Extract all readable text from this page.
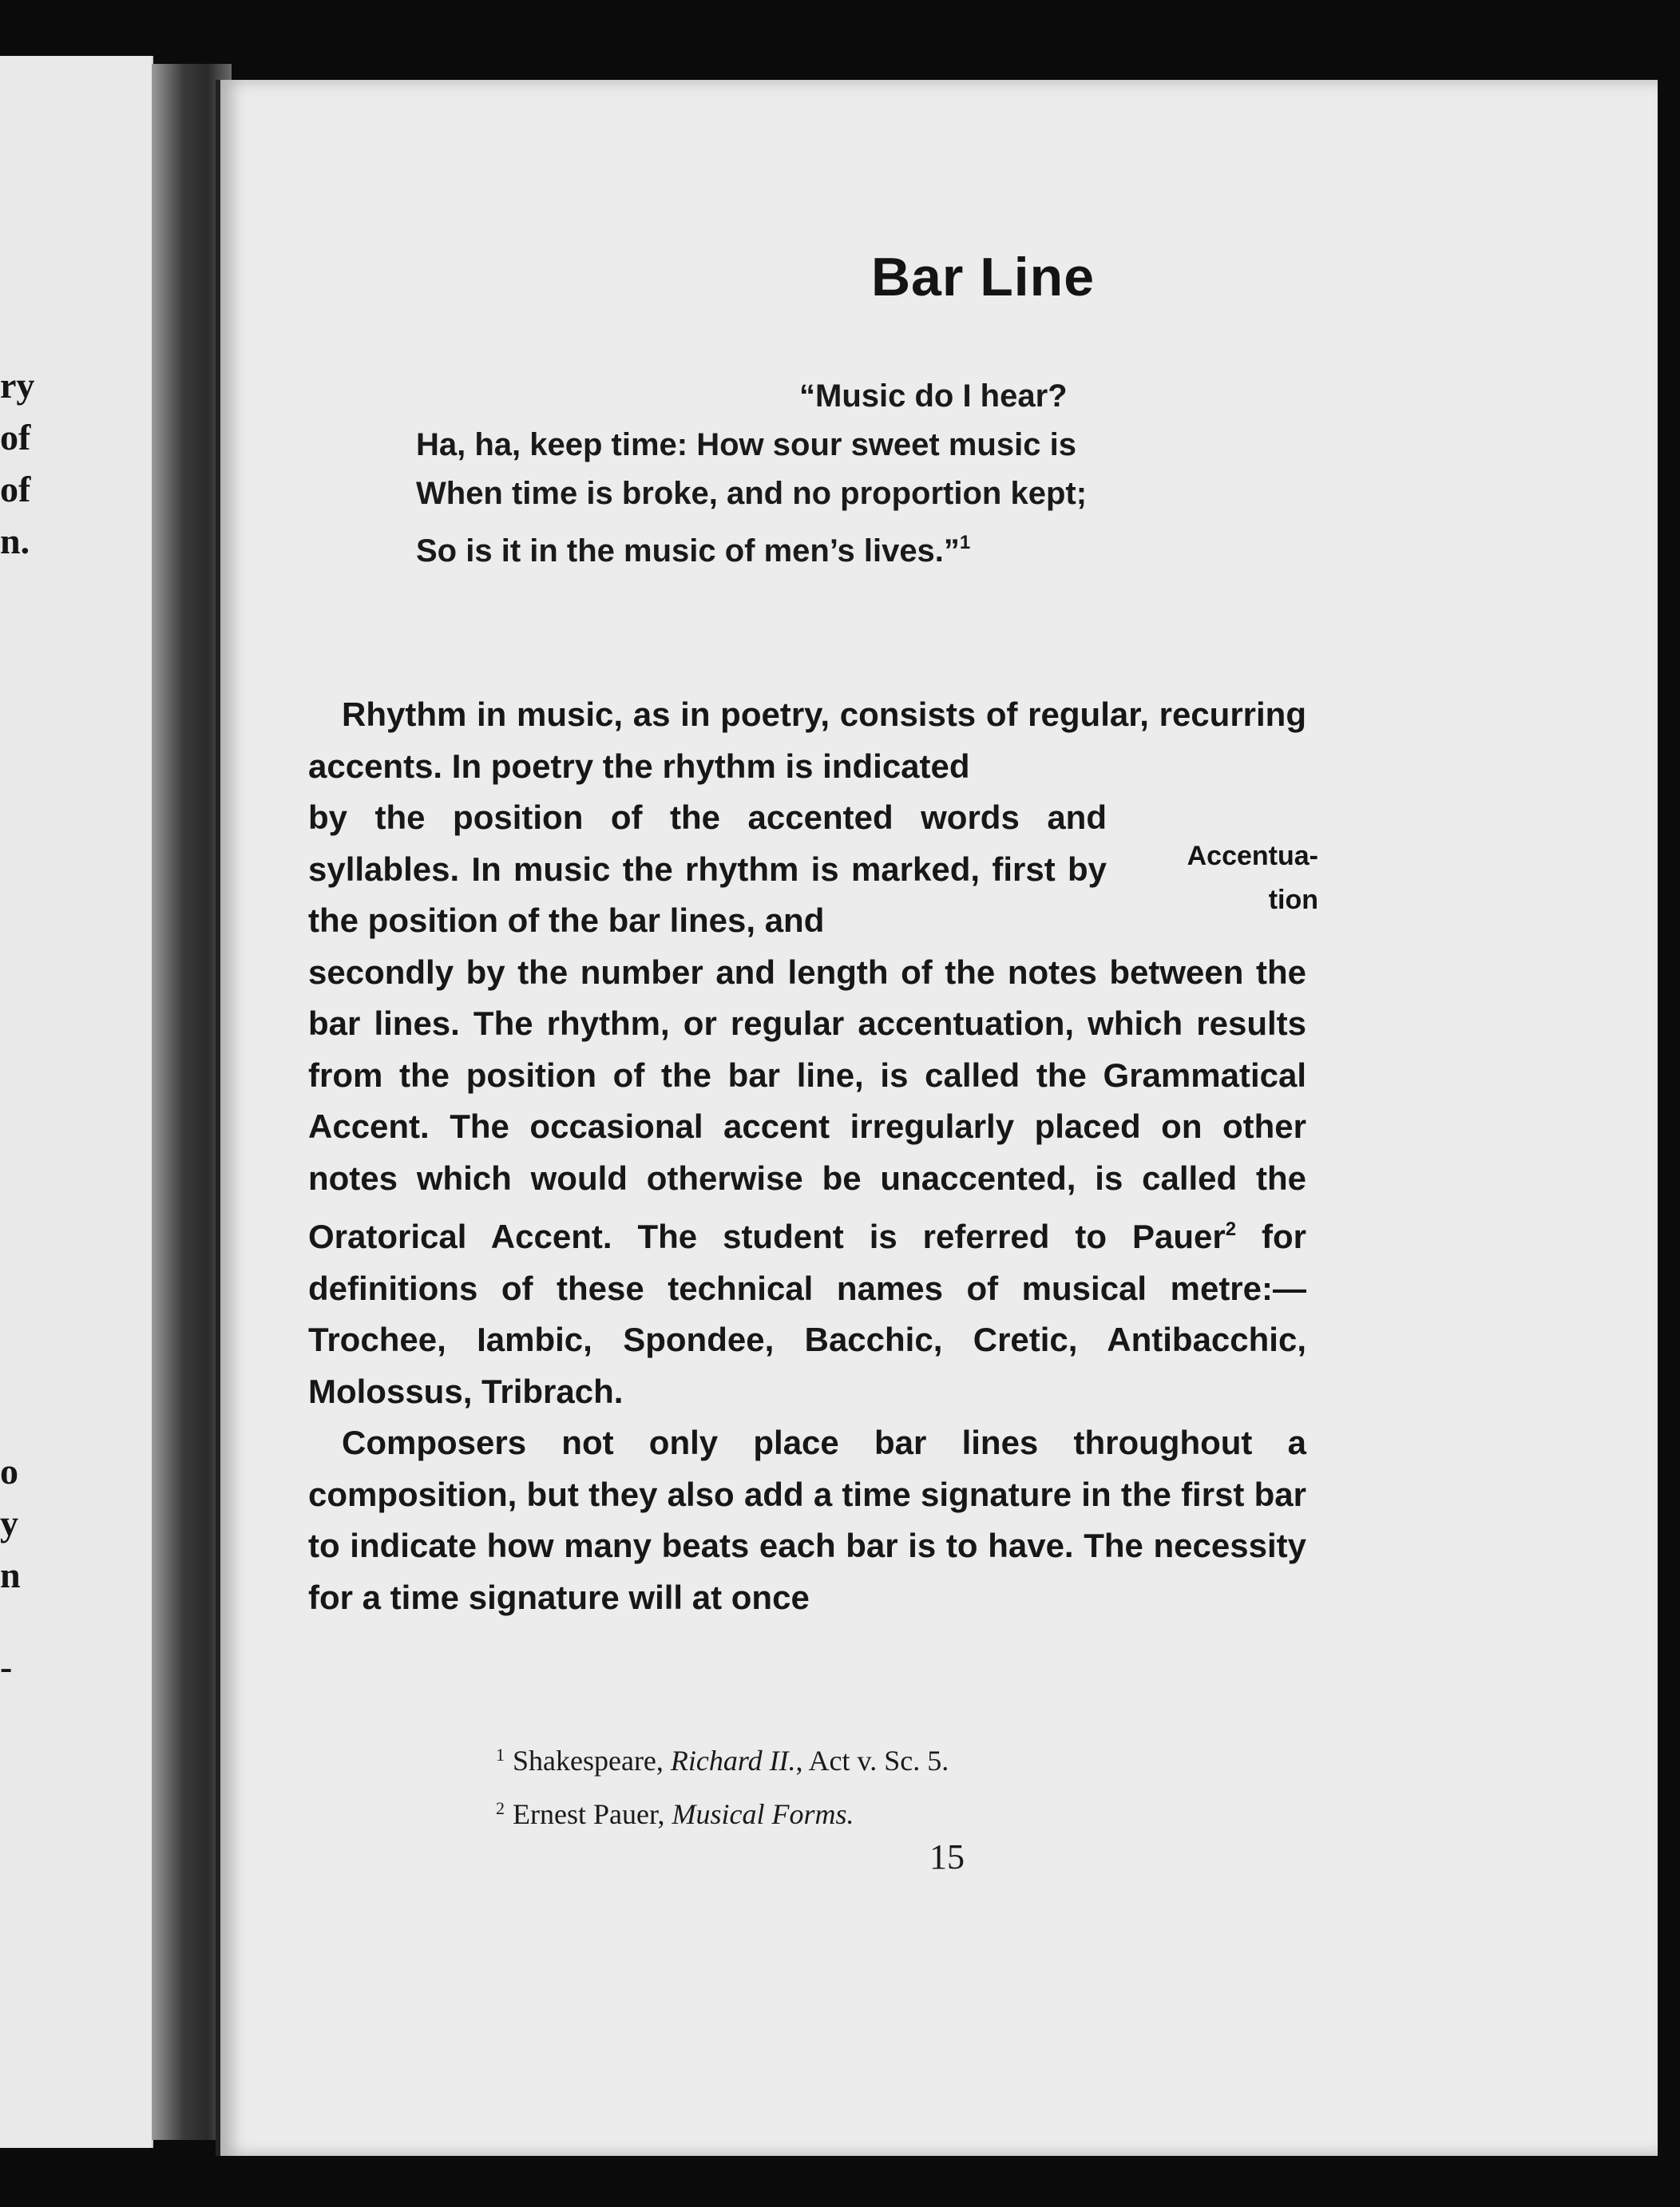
ry
of
of
n.
o
y
n
-
Bar Line
“Music do I hear?
Ha, ha, keep time: How sour sweet music is
When time is broke, and no proportion kept;
So is it in the music of men’s lives.”$^1$

Rhythm in music, as in poetry, consists of regular, recurring accents. In poetry the rhythm is indicated

by the position of the accented words and syllables. In music the rhythm is marked, first by the position of the bar lines, and

secondly by the number and length of the notes between the bar lines. The rhythm, or regular accentuation, which results from the position of the bar line, is called the Grammatical Accent. The occasional accent irregularly placed on other notes which would otherwise be unaccented, is called the Oratorical Accent. The student is referred to Pauer$^2$ for definitions of these technical names of musical metre:— Trochee, Iambic, Spondee, Bacchic, Cretic, Antibacchic, Molossus, Tribrach.

Composers not only place bar lines throughout a composition, but they also add a time signature in the first bar to indicate how many beats each bar is to have. The necessity for a time signature will at once

Accentua-
tion
$^1$ Shakespeare, Richard II., Act v. Sc. 5.
$^2$ Ernest Pauer, Musical Forms.
15
